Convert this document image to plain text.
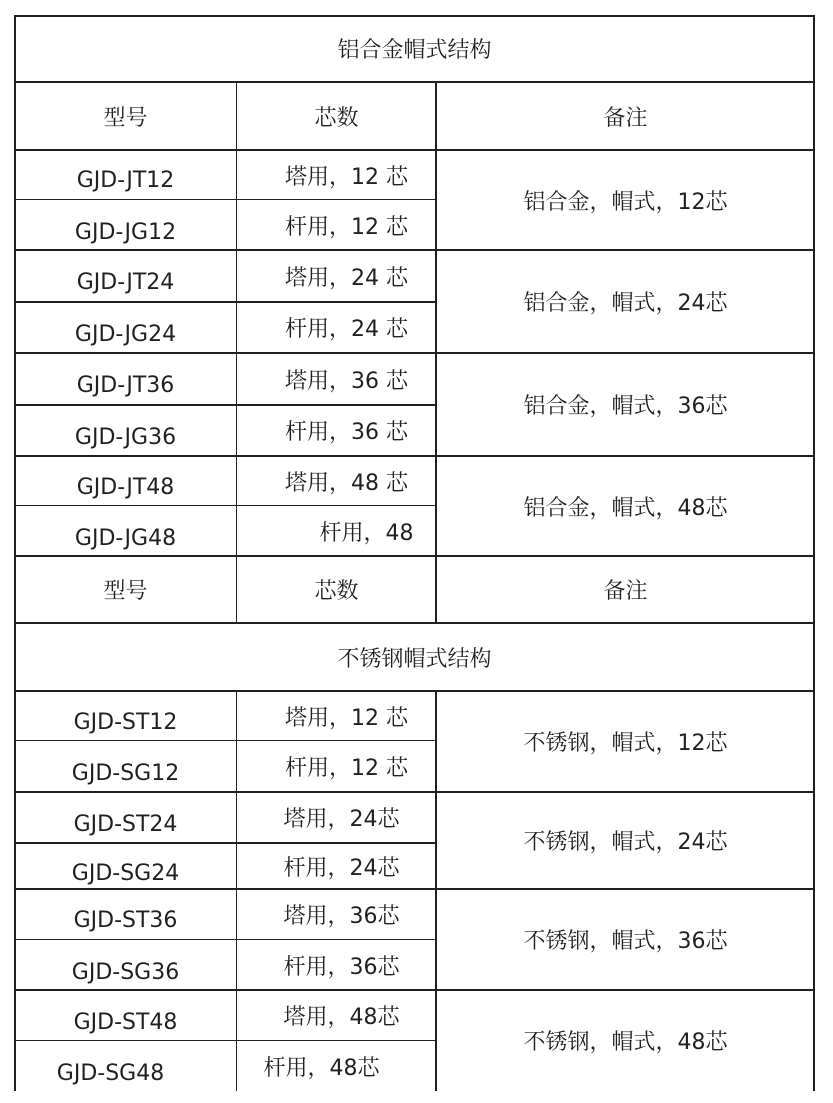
铝合金帽式结构
型号	芯数	备注
GJD-JT12	塔用，12 芯
GJD-JG12	杆用，12 芯
铝合金，帽式，12芯
GJD-JT24	塔用，24 芯
GJD-JG24	杆用，24 芯
铝合金，帽式，24芯
GJD-JT36	塔用，36 芯
GJD-JG36	杆用，36 芯
铝合金，帽式，36芯
GJD-JT48	塔用，48 芯
GJD-JG48	杆用，48
铝合金，帽式，48芯
型号	芯数	备注
不锈钢帽式结构
GJD-ST12	塔用，12 芯
GJD-SG12	杆用，12 芯
不锈钢，帽式，12芯
GJD-ST24	塔用，24芯
GJD-SG24	杆用，24芯
不锈钢，帽式，24芯
GJD-ST36	塔用，36芯
GJD-SG36	杆用，36芯
不锈钢，帽式，36芯
GJD-ST48	塔用，48芯
GJD-SG48	杆用，48芯
不锈钢，帽式，48芯
